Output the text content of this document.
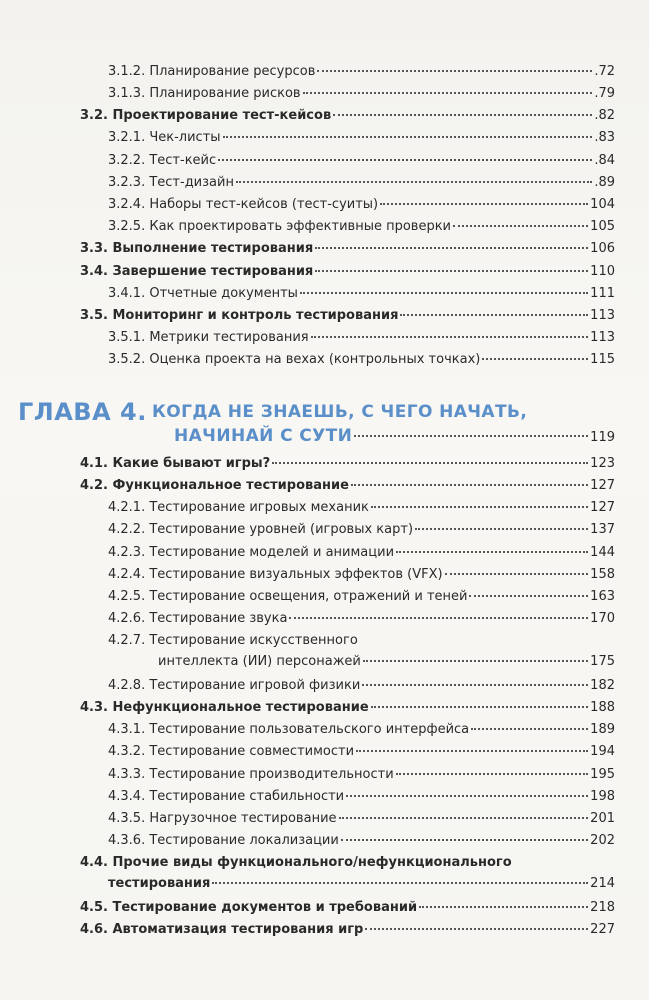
3.1.2. Планирование ресурсов	.72
3.1.3. Планирование рисков	.79
3.2. Проектирование тест-кейсов	.82
3.2.1. Чек-листы	.83
3.2.2. Тест-кейс	.84
3.2.3. Тест-дизайн	.89
3.2.4. Наборы тест-кейсов (тест-суиты)	104
3.2.5. Как проектировать эффективные проверки	105
3.3. Выполнение тестирования	106
3.4. Завершение тестирования	110
3.4.1. Отчетные документы	111
3.5. Мониторинг и контроль тестирования	113
3.5.1. Метрики тестирования	113
3.5.2. Оценка проекта на вехах (контрольных точках)	115
ГЛАВА 4. КОГДА НЕ ЗНАЕШЬ, С ЧЕГО НАЧАТЬ,
НАЧИНАЙ С СУТИ	119
4.1. Какие бывают игры?	123
4.2. Функциональное тестирование	127
4.2.1. Тестирование игровых механик	127
4.2.2. Тестирование уровней (игровых карт)	137
4.2.3. Тестирование моделей и анимации	144
4.2.4. Тестирование визуальных эффектов (VFX)	158
4.2.5. Тестирование освещения, отражений и теней	163
4.2.6. Тестирование звука	170
4.2.7. Тестирование искусственного
интеллекта (ИИ) персонажей	175
4.2.8. Тестирование игровой физики	182
4.3. Нефункциональное тестирование	188
4.3.1. Тестирование пользовательского интерфейса	189
4.3.2. Тестирование совместимости	194
4.3.3. Тестирование производительности	195
4.3.4. Тестирование стабильности	198
4.3.5. Нагрузочное тестирование	201
4.3.6. Тестирование локализации	202
4.4. Прочие виды функционального/нефункционального
тестирования	214
4.5. Тестирование документов и требований	218
4.6. Автоматизация тестирования игр	227
